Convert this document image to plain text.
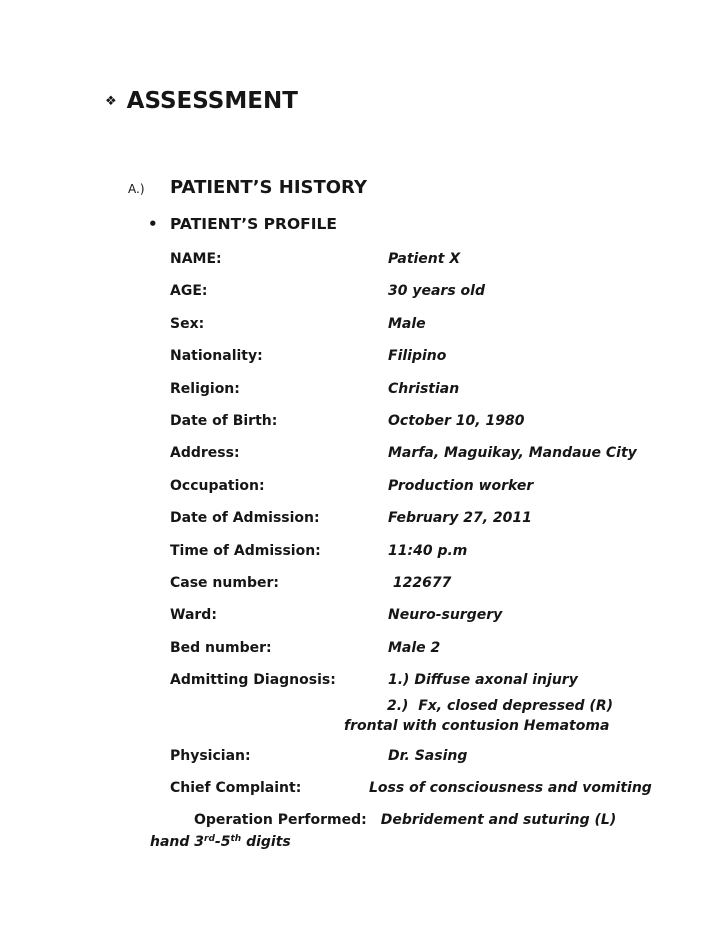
❖ ASSESSMENT
A.)	PATIENT’S HISTORY
• PATIENT’S PROFILE
NAME:	Patient X
AGE:	30 years old
Sex:	Male
Nationality:	Filipino
Religion:	Christian
Date of Birth:	October 10, 1980
Address:	Marfa, Maguikay, Mandaue City
Occupation:	Production worker
Date of Admission:	February 27, 2011
Time of Admission:	11:40 p.m
Case number:	122677
Ward:	Neuro-surgery
Bed number:	Male 2
Admitting Diagnosis:	1.) Diffuse axonal injury
2.)  Fx, closed depressed (R)
frontal with contusion Hematoma
Physician:	Dr. Sasing
Chief Complaint:	Loss of consciousness and vomiting
Operation Performed: Debridement and suturing (L)
hand 3rd-5th digits
